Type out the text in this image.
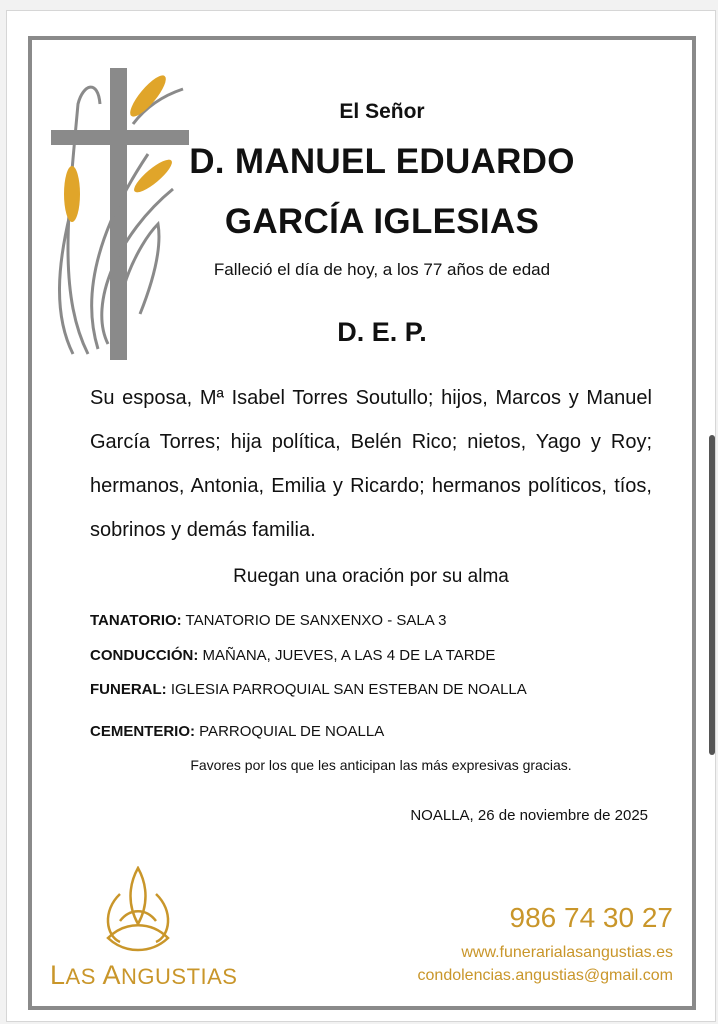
El Señor
D. MANUEL EDUARDO
GARCÍA IGLESIAS
Falleció el día de hoy, a los 77 años de edad
D. E. P.
Su esposa, Mª Isabel Torres Soutullo; hijos, Marcos y Manuel García Torres; hija política, Belén Rico; nietos, Yago y Roy; hermanos, Antonia, Emilia y Ricardo; hermanos políticos, tíos, sobrinos y demás familia.
Ruegan una oración por su alma
TANATORIO: TANATORIO DE SANXENXO - SALA 3
CONDUCCIÓN: MAÑANA, JUEVES, A LAS 4 DE LA TARDE
FUNERAL: IGLESIA PARROQUIAL SAN ESTEBAN DE NOALLA
CEMENTERIO: PARROQUIAL DE NOALLA
Favores por los que les anticipan las más expresivas gracias.
NOALLA, 26 de noviembre de 2025
LAS ANGUSTIAS
986 74 30 27
www.funerarialasangustias.es
condolencias.angustias@gmail.com
